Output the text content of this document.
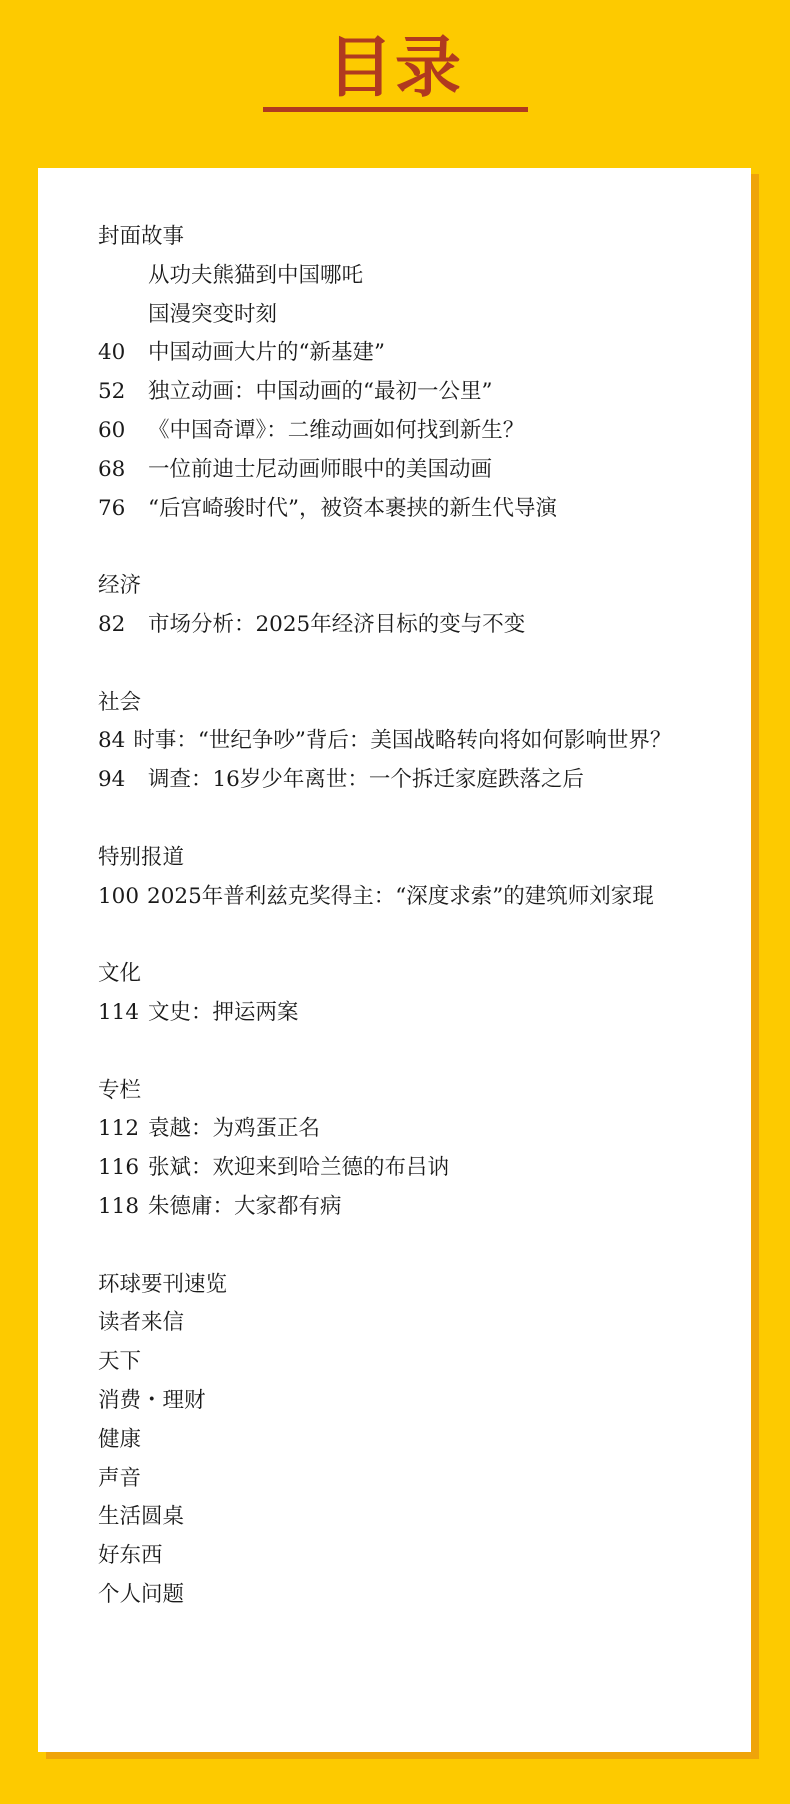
目录
封面故事
从功夫熊猫到中国哪吒
国漫突变时刻
40	中国动画大片的“新基建”
52	独立动画：中国动画的“最初一公里”
60	《中国奇谭》：二维动画如何找到新生？
68	一位前迪士尼动画师眼中的美国动画
76	“后宫崎骏时代”，被资本裹挟的新生代导演
经济
82	市场分析：2025年经济目标的变与不变
社会
84 时事：“世纪争吵”背后：美国战略转向将如何影响世界？
94	调查：16岁少年离世：一个拆迁家庭跌落之后
特别报道
100 2025年普利兹克奖得主：“深度求索”的建筑师刘家琨
文化
114 文史：押运两案
专栏
112 袁越：为鸡蛋正名
116 张斌：欢迎来到哈兰德的布吕讷
118 朱德庸：大家都有病
环球要刊速览
读者来信
天下
消费・理财
健康
声音
生活圆桌
好东西
个人问题
